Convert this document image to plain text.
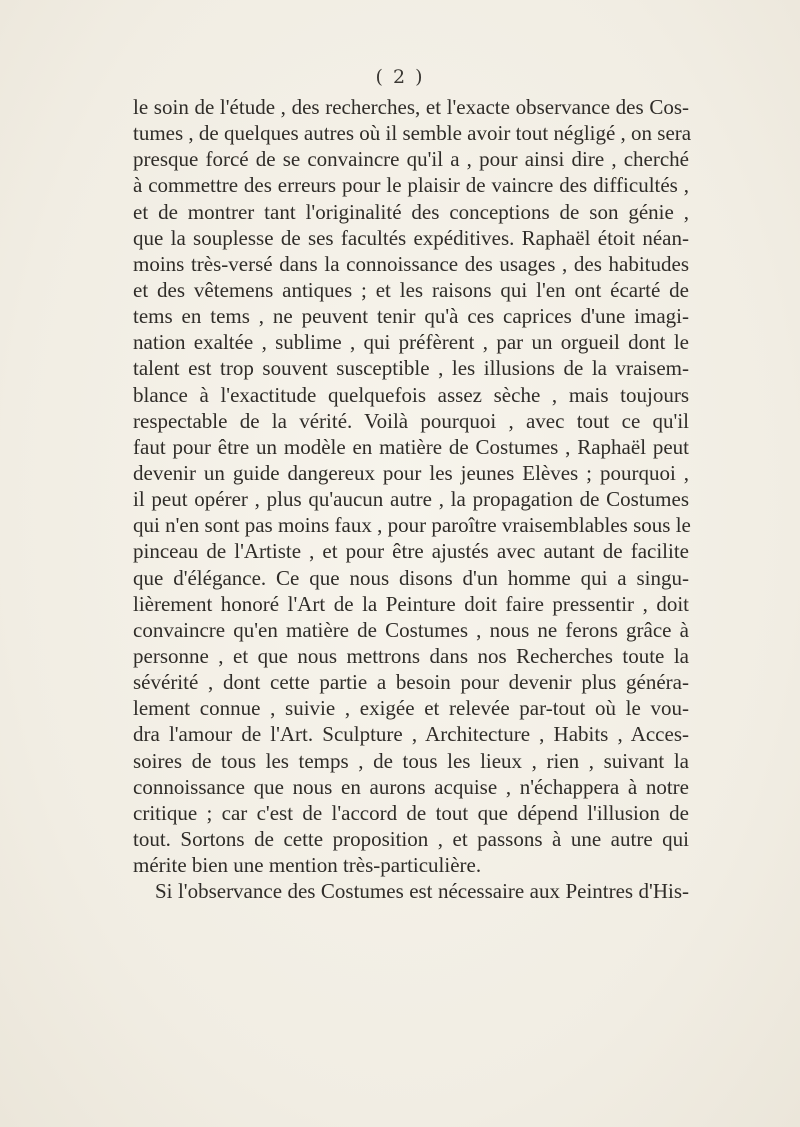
( 2 )
le soin de l'étude , des recherches, et l'exacte observance des Cos-
tumes , de quelques autres où il semble avoir tout négligé , on sera
presque forcé de se convaincre qu'il a , pour ainsi dire , cherché
à commettre des erreurs pour le plaisir de vaincre des difficultés ,
et de montrer tant l'originalité des conceptions de son génie ,
que la souplesse de ses facultés expéditives. Raphaël étoit néan-
moins très-versé dans la connoissance des usages , des habitudes
et des vêtemens antiques ; et les raisons qui l'en ont écarté de
tems en tems , ne peuvent tenir qu'à ces caprices d'une imagi-
nation exaltée , sublime , qui préfèrent , par un orgueil dont le
talent est trop souvent susceptible , les illusions de la vraisem-
blance à l'exactitude quelquefois assez sèche , mais toujours
respectable de la vérité. Voilà pourquoi , avec tout ce qu'il
faut pour être un modèle en matière de Costumes , Raphaël peut
devenir un guide dangereux pour les jeunes Elèves ; pourquoi ,
il peut opérer , plus qu'aucun autre , la propagation de Costumes
qui n'en sont pas moins faux , pour paroître vraisemblables sous le
pinceau de l'Artiste , et pour être ajustés avec autant de facilite
que d'élégance. Ce que nous disons d'un homme qui a singu-
lièrement honoré l'Art de la Peinture doit faire pressentir , doit
convaincre qu'en matière de Costumes , nous ne ferons grâce à
personne , et que nous mettrons dans nos Recherches toute la
sévérité , dont cette partie a besoin pour devenir plus généra-
lement connue , suivie , exigée et relevée par-tout où le vou-
dra l'amour de l'Art. Sculpture , Architecture , Habits , Acces-
soires de tous les temps , de tous les lieux , rien , suivant la
connoissance que nous en aurons acquise , n'échappera à notre
critique ; car c'est de l'accord de tout que dépend l'illusion de
tout. Sortons de cette proposition , et passons à une autre qui
mérite bien une mention très-particulière.
Si l'observance des Costumes est nécessaire aux Peintres d'His-
